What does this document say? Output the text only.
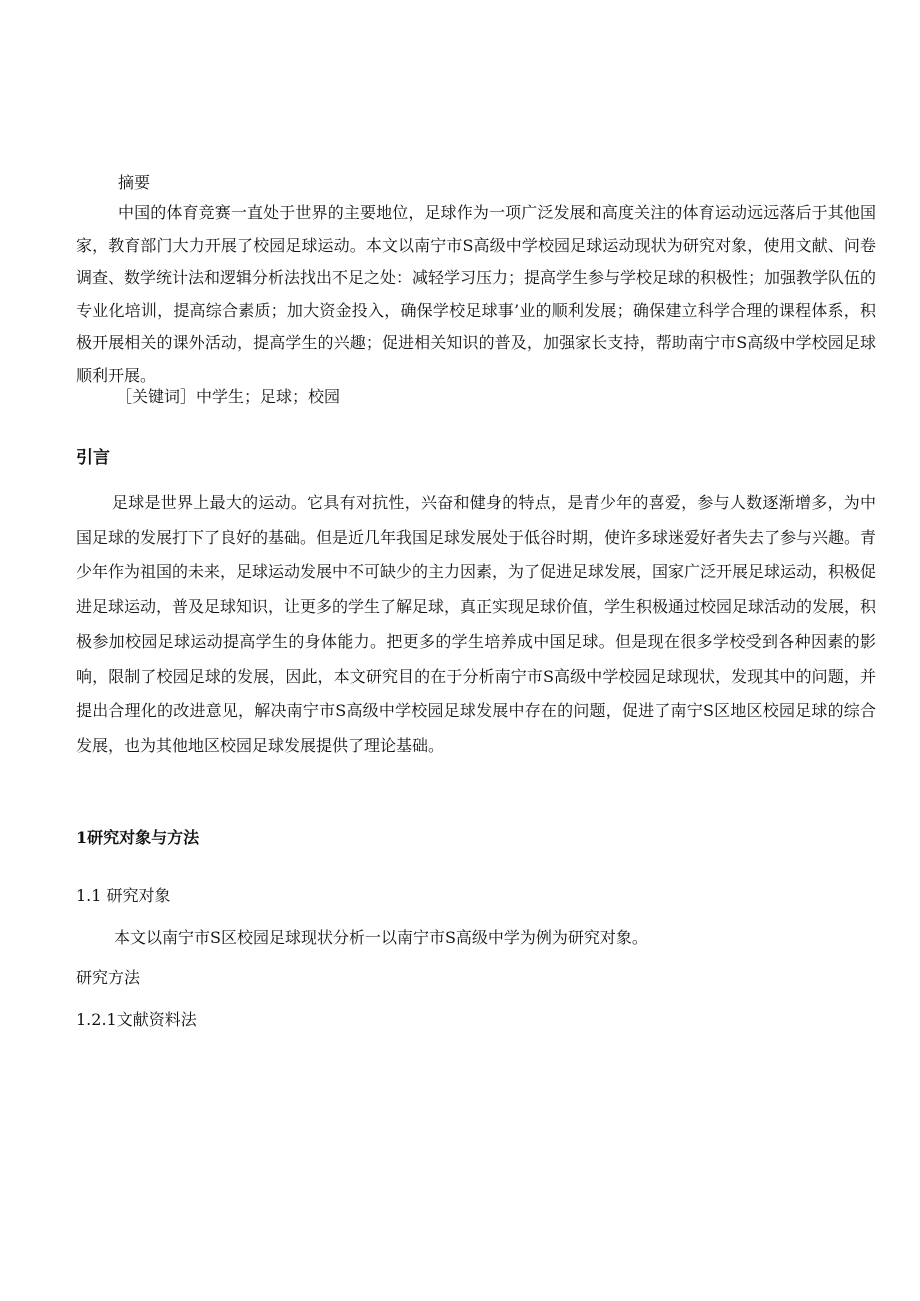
摘要
中国的体育竞赛一直处于世界的主要地位，足球作为一项广泛发展和高度关注的体育运动远远落后于其他国家，教育部门大力开展了校园足球运动。本文以南宁市S高级中学校园足球运动现状为研究对象，使用文献、问卷调查、数学统计法和逻辑分析法找出不足之处：减轻学习压力；提高学生参与学校足球的积极性；加强教学队伍的专业化培训，提高综合素质；加大资金投入，确保学校足球事’业的顺利发展；确保建立科学合理的课程体系，积极开展相关的课外活动，提高学生的兴趣；促进相关知识的普及，加强家长支持，帮助南宁市S高级中学校园足球顺利开展。
［关键词］中学生；足球；校园
引言
足球是世界上最大的运动。它具有对抗性，兴奋和健身的特点，是青少年的喜爱，参与人数逐渐增多，为中国足球的发展打下了良好的基础。但是近几年我国足球发展处于低谷时期，使许多球迷爱好者失去了参与兴趣。青少年作为祖国的未来，足球运动发展中不可缺少的主力因素，为了促进足球发展，国家广泛开展足球运动，积极促进足球运动，普及足球知识，让更多的学生了解足球，真正实现足球价值，学生积极通过校园足球活动的发展，积极参加校园足球运动提高学生的身体能力。把更多的学生培养成中国足球。但是现在很多学校受到各种因素的影响，限制了校园足球的发展，因此，本文研究目的在于分析南宁市S高级中学校园足球现状，发现其中的问题，并提出合理化的改进意见，解决南宁市S高级中学校园足球发展中存在的问题，促进了南宁S区地区校园足球的综合发展，也为其他地区校园足球发展提供了理论基础。
1研究对象与方法
1.1 研究对象
本文以南宁市S区校园足球现状分析一以南宁市S高级中学为例为研究对象。
研究方法
1.2.1文献资料法
